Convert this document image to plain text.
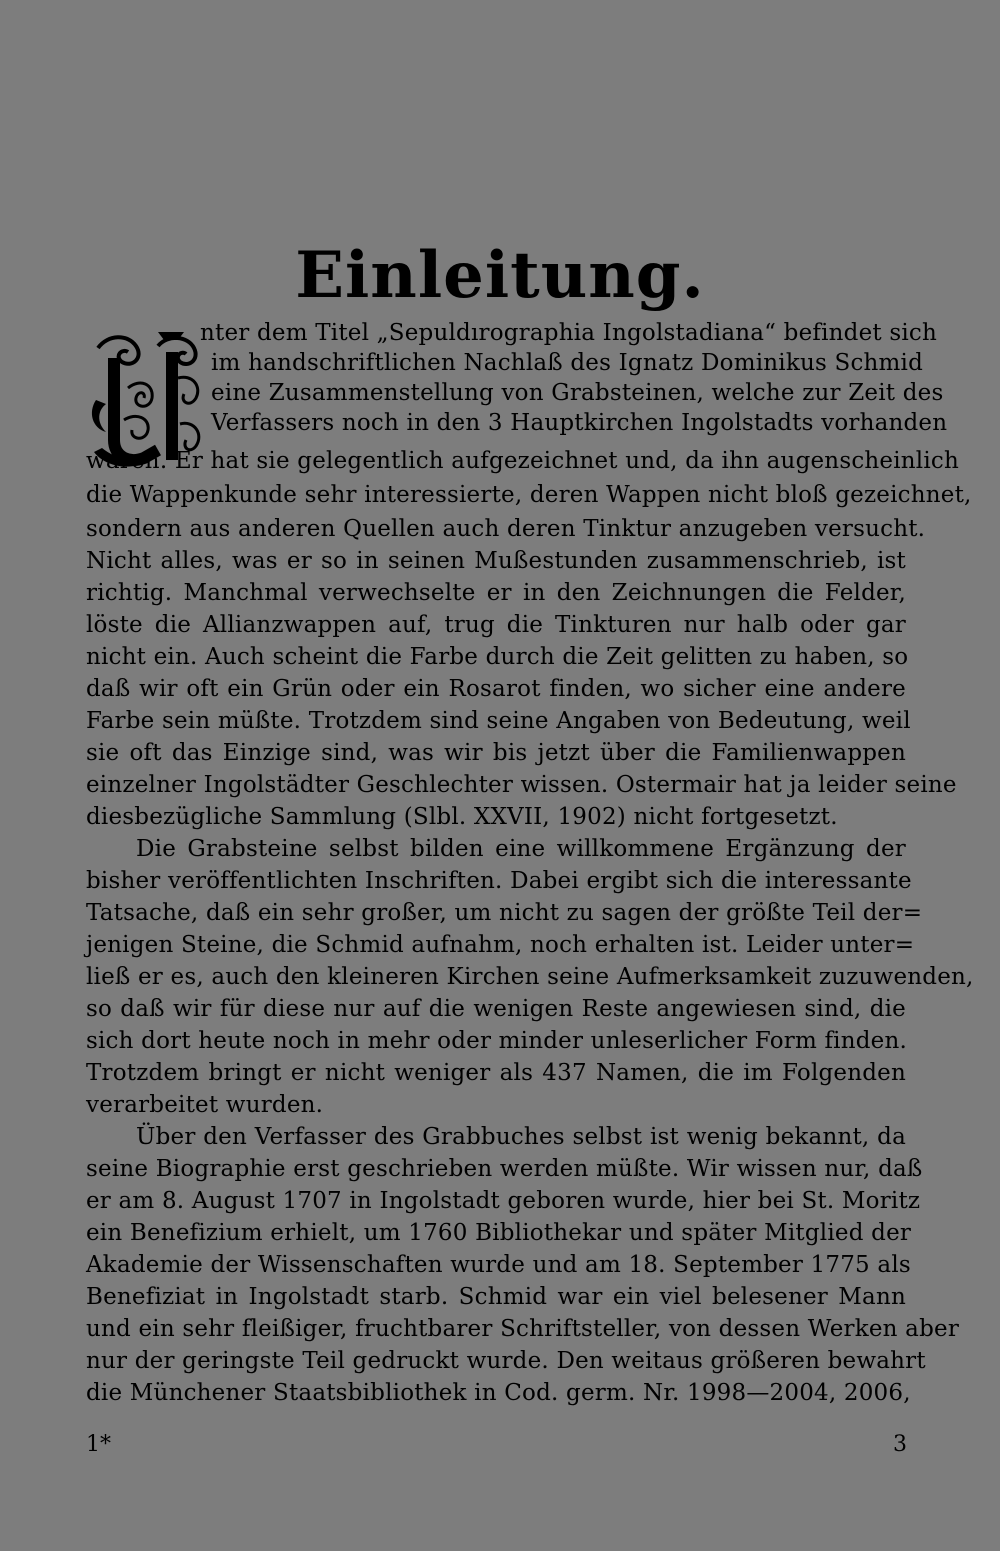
Einleitung.
nter dem Titel „Sepuldırographia Ingolstadiana“ befindet sich
im handschriftlichen Nachlaß des Ignatz Dominikus Schmid
eine Zusammenstellung von Grabsteinen, welche zur Zeit des
Verfassers noch in den 3 Hauptkirchen Ingolstadts vorhanden
waren. Er hat sie gelegentlich aufgezeichnet und, da ihn augenscheinlich
die Wappenkunde sehr interessierte, deren Wappen nicht bloß gezeichnet,
sondern aus anderen Quellen auch deren Tinktur anzugeben versucht.
Nicht alles, was er so in seinen Mußestunden zusammenschrieb, ist
richtig. Manchmal verwechselte er in den Zeichnungen die Felder,
löste die Allianzwappen auf, trug die Tinkturen nur halb oder gar
nicht ein. Auch scheint die Farbe durch die Zeit gelitten zu haben, so
daß wir oft ein Grün oder ein Rosarot finden, wo sicher eine andere
Farbe sein müßte. Trotzdem sind seine Angaben von Bedeutung, weil
sie oft das Einzige sind, was wir bis jetzt über die Familienwappen
einzelner Ingolstädter Geschlechter wissen. Ostermair hat ja leider seine
diesbezügliche Sammlung (Slbl. XXVII, 1902) nicht fortgesetzt.
Die Grabsteine selbst bilden eine willkommene Ergänzung der
bisher veröffentlichten Inschriften. Dabei ergibt sich die interessante
Tatsache, daß ein sehr großer, um nicht zu sagen der größte Teil der=
jenigen Steine, die Schmid aufnahm, noch erhalten ist. Leider unter=
ließ er es, auch den kleineren Kirchen seine Aufmerksamkeit zuzuwenden,
so daß wir für diese nur auf die wenigen Reste angewiesen sind, die
sich dort heute noch in mehr oder minder unleserlicher Form finden.
Trotzdem bringt er nicht weniger als 437 Namen, die im Folgenden
verarbeitet wurden.
Über den Verfasser des Grabbuches selbst ist wenig bekannt, da
seine Biographie erst geschrieben werden müßte. Wir wissen nur, daß
er am 8. August 1707 in Ingolstadt geboren wurde, hier bei St. Moritz
ein Benefizium erhielt, um 1760 Bibliothekar und später Mitglied der
Akademie der Wissenschaften wurde und am 18. September 1775 als
Benefiziat in Ingolstadt starb. Schmid war ein viel belesener Mann
und ein sehr fleißiger, fruchtbarer Schriftsteller, von dessen Werken aber
nur der geringste Teil gedruckt wurde. Den weitaus größeren bewahrt
die Münchener Staatsbibliothek in Cod. germ. Nr. 1998—2004, 2006,
1*	3
